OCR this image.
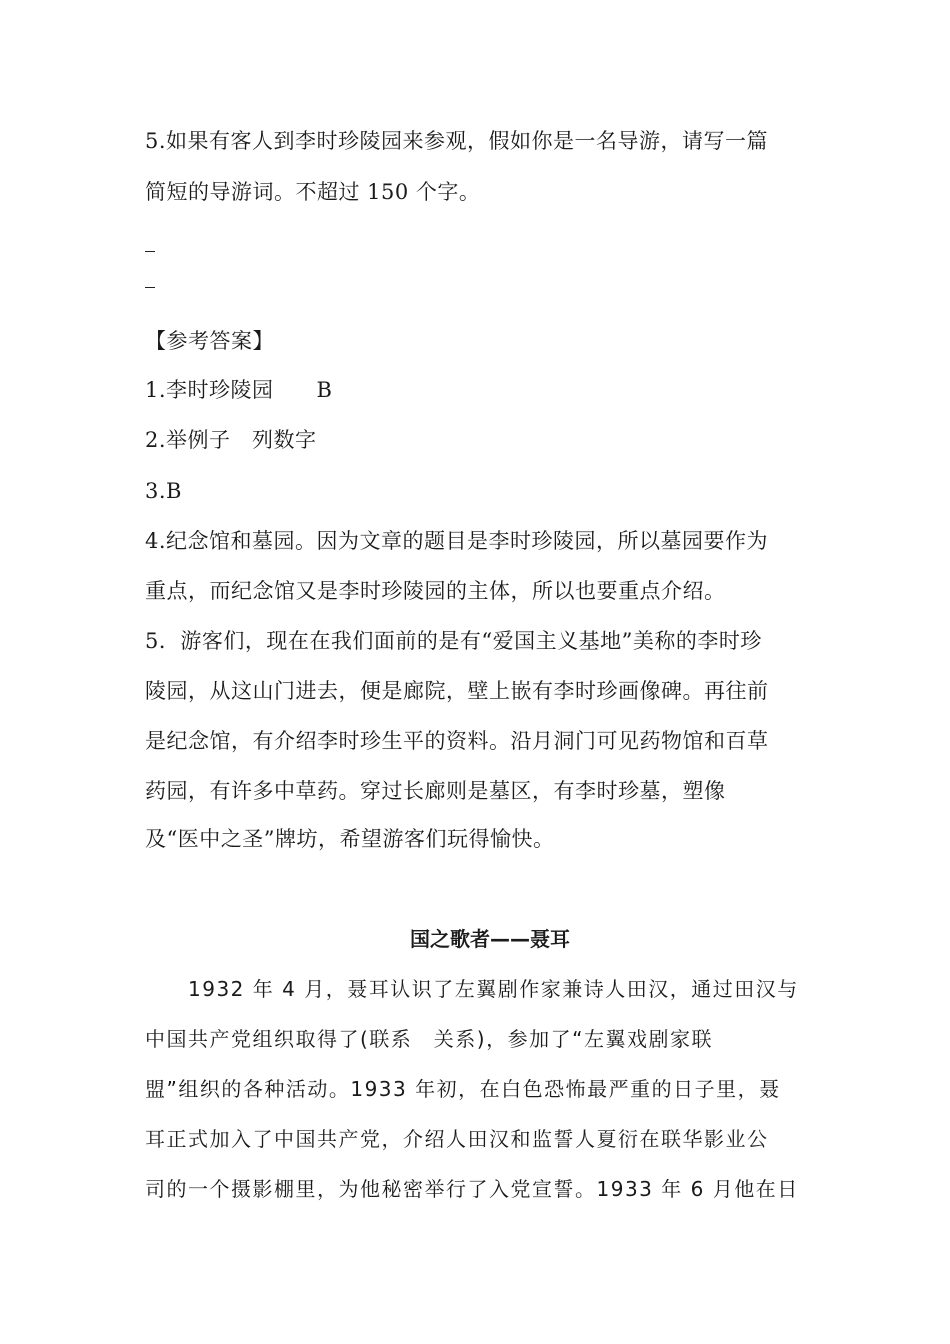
5.如果有客人到李时珍陵园来参观，假如你是一名导游，请写一篇
简短的导游词。不超过 150 个字。
【参考答案】
1.李时珍陵园　　B
2.举例子　列数字
3.B
4.纪念馆和墓园。因为文章的题目是李时珍陵园，所以墓园要作为
重点，而纪念馆又是李时珍陵园的主体，所以也要重点介绍。
5．游客们，现在在我们面前的是有“爱国主义基地”美称的李时珍
陵园，从这山门进去，便是廊院，壁上嵌有李时珍画像碑。再往前
是纪念馆，有介绍李时珍生平的资料。沿月洞门可见药物馆和百草
药园，有许多中草药。穿过长廊则是墓区，有李时珍墓，塑像
及“医中之圣”牌坊，希望游客们玩得愉快。
国之歌者——聂耳
　　1932 年 4 月，聂耳认识了左翼剧作家兼诗人田汉，通过田汉与
中国共产党组织取得了(联系　关系)，参加了“左翼戏剧家联
盟”组织的各种活动。1933 年初，在白色恐怖最严重的日子里，聂
耳正式加入了中国共产党，介绍人田汉和监誓人夏衍在联华影业公
司的一个摄影棚里，为他秘密举行了入党宣誓。1933 年 6 月他在日
